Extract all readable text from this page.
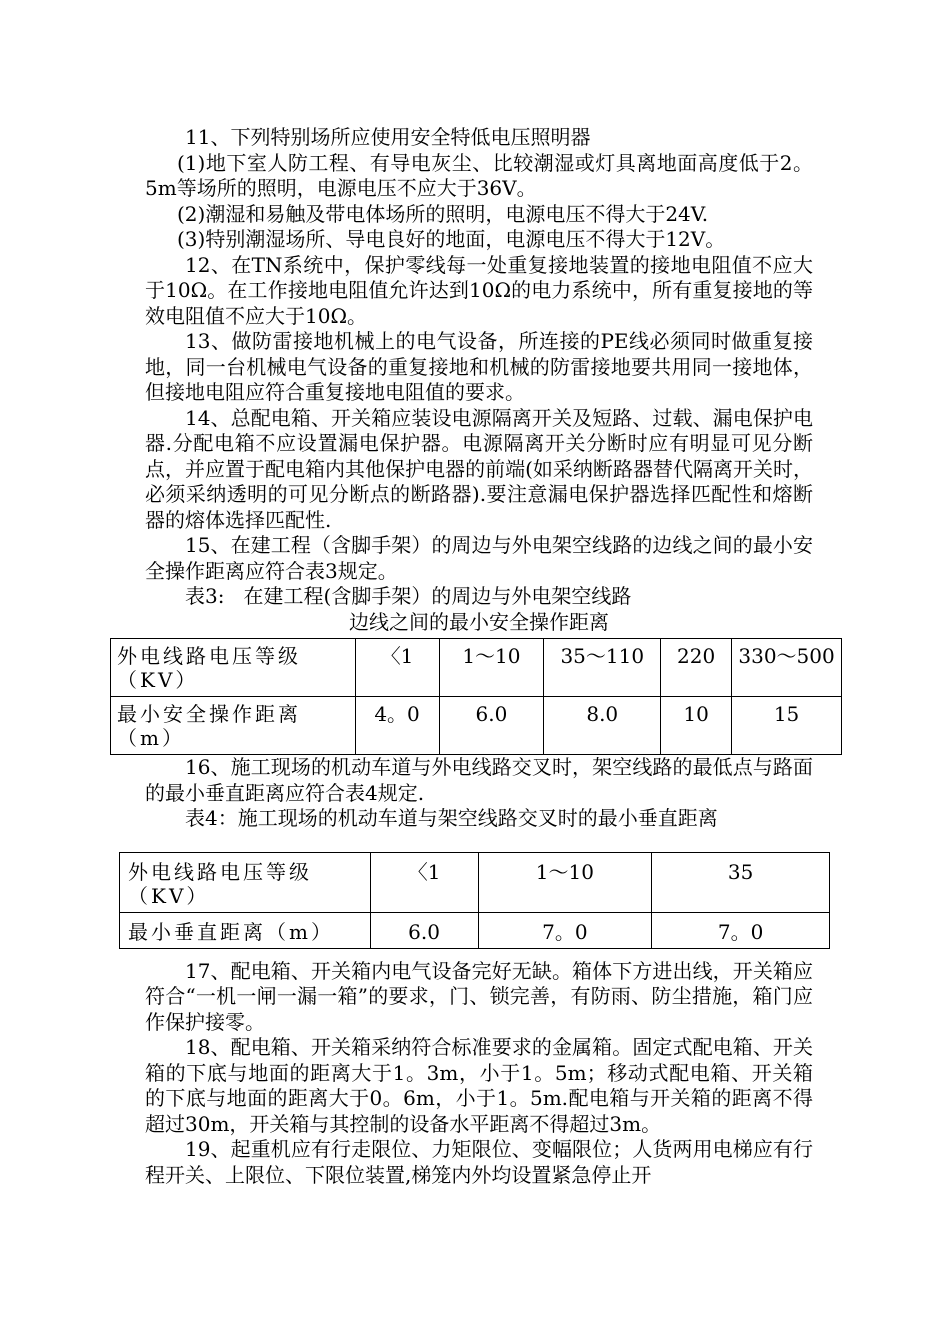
11、下列特别场所应使用安全特低电压照明器

(1)地下室人防工程、有导电灰尘、比较潮湿或灯具离地面高度低于2。5m等场所的照明，电源电压不应大于36V。

(2)潮湿和易触及带电体场所的照明，电源电压不得大于24V.

(3)特别潮湿场所、导电良好的地面，电源电压不得大于12V。

12、在TN系统中，保护零线每一处重复接地装置的接地电阻值不应大于10Ω。在工作接地电阻值允许达到10Ω的电力系统中，所有重复接地的等效电阻值不应大于10Ω。

13、做防雷接地机械上的电气设备，所连接的PE线必须同时做重复接地，同一台机械电气设备的重复接地和机械的防雷接地要共用同一接地体，但接地电阻应符合重复接地电阻值的要求。

14、总配电箱、开关箱应装设电源隔离开关及短路、过载、漏电保护电器.分配电箱不应设置漏电保护器。电源隔离开关分断时应有明显可见分断点，并应置于配电箱内其他保护电器的前端(如采纳断路器替代隔离开关时，必须采纳透明的可见分断点的断路器).要注意漏电保护器选择匹配性和熔断器的熔体选择匹配性.

15、在建工程（含脚手架）的周边与外电架空线路的边线之间的最小安全操作距离应符合表3规定。

表3:   在建工程(含脚手架）的周边与外电架空线路
边线之间的最小安全操作距离
外电线路电压等级（KV）	〈1	1～10	35～110	220	330～500
最小安全操作距离（m）	4。0	6.0	8.0	10	15

16、施工现场的机动车道与外电线路交叉时，架空线路的最低点与路面的最小垂直距离应符合表4规定.

表4：施工现场的机动车道与架空线路交叉时的最小垂直距离
外电线路电压等级（KV）	〈1	1～10	35
最小垂直距离（m）	6.0	7。0	7。0

17、配电箱、开关箱内电气设备完好无缺。箱体下方进出线，开关箱应符合“一机一闸一漏一箱”的要求，门、锁完善，有防雨、防尘措施，箱门应作保护接零。

18、配电箱、开关箱采纳符合标准要求的金属箱。固定式配电箱、开关箱的下底与地面的距离大于1。3m，小于1。5m；移动式配电箱、开关箱的下底与地面的距离大于0。6m，小于1。5m.配电箱与开关箱的距离不得超过30m，开关箱与其控制的设备水平距离不得超过3m。

19、起重机应有行走限位、力矩限位、变幅限位；人货两用电梯应有行程开关、上限位、下限位装置,梯笼内外均设置紧急停止开
